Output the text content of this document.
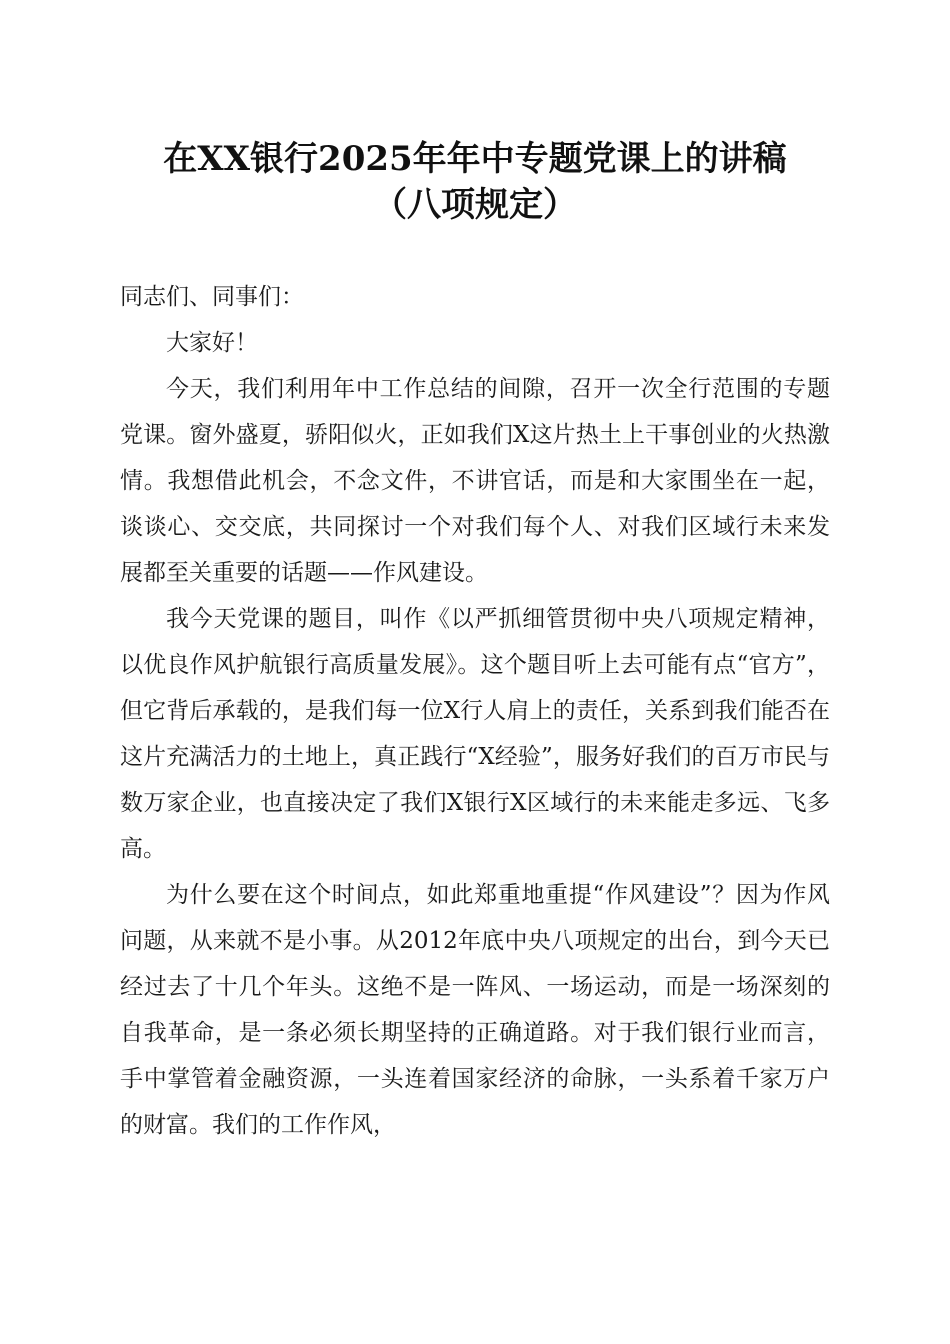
在XX银行2025年年中专题党课上的讲稿
（八项规定）

同志们、同事们：

大家好！

今天，我们利用年中工作总结的间隙，召开一次全行范围的专题党课。窗外盛夏，骄阳似火，正如我们X这片热土上干事创业的火热激情。我想借此机会，不念文件，不讲官话，而是和大家围坐在一起，谈谈心、交交底，共同探讨一个对我们每个人、对我们区域行未来发展都至关重要的话题——作风建设。

我今天党课的题目，叫作《以严抓细管贯彻中央八项规定精神，以优良作风护航银行高质量发展》。这个题目听上去可能有点“官方”，但它背后承载的，是我们每一位X行人肩上的责任，关系到我们能否在这片充满活力的土地上，真正践行“X经验”，服务好我们的百万市民与数万家企业，也直接决定了我们X银行X区域行的未来能走多远、飞多高。

为什么要在这个时间点，如此郑重地重提“作风建设”？因为作风问题，从来就不是小事。从2012年底中央八项规定的出台，到今天已经过去了十几个年头。这绝不是一阵风、一场运动，而是一场深刻的自我革命，是一条必须长期坚持的正确道路。对于我们银行业而言，手中掌管着金融资源，一头连着国家经济的命脉，一头系着千家万户的财富。我们的工作作风，
